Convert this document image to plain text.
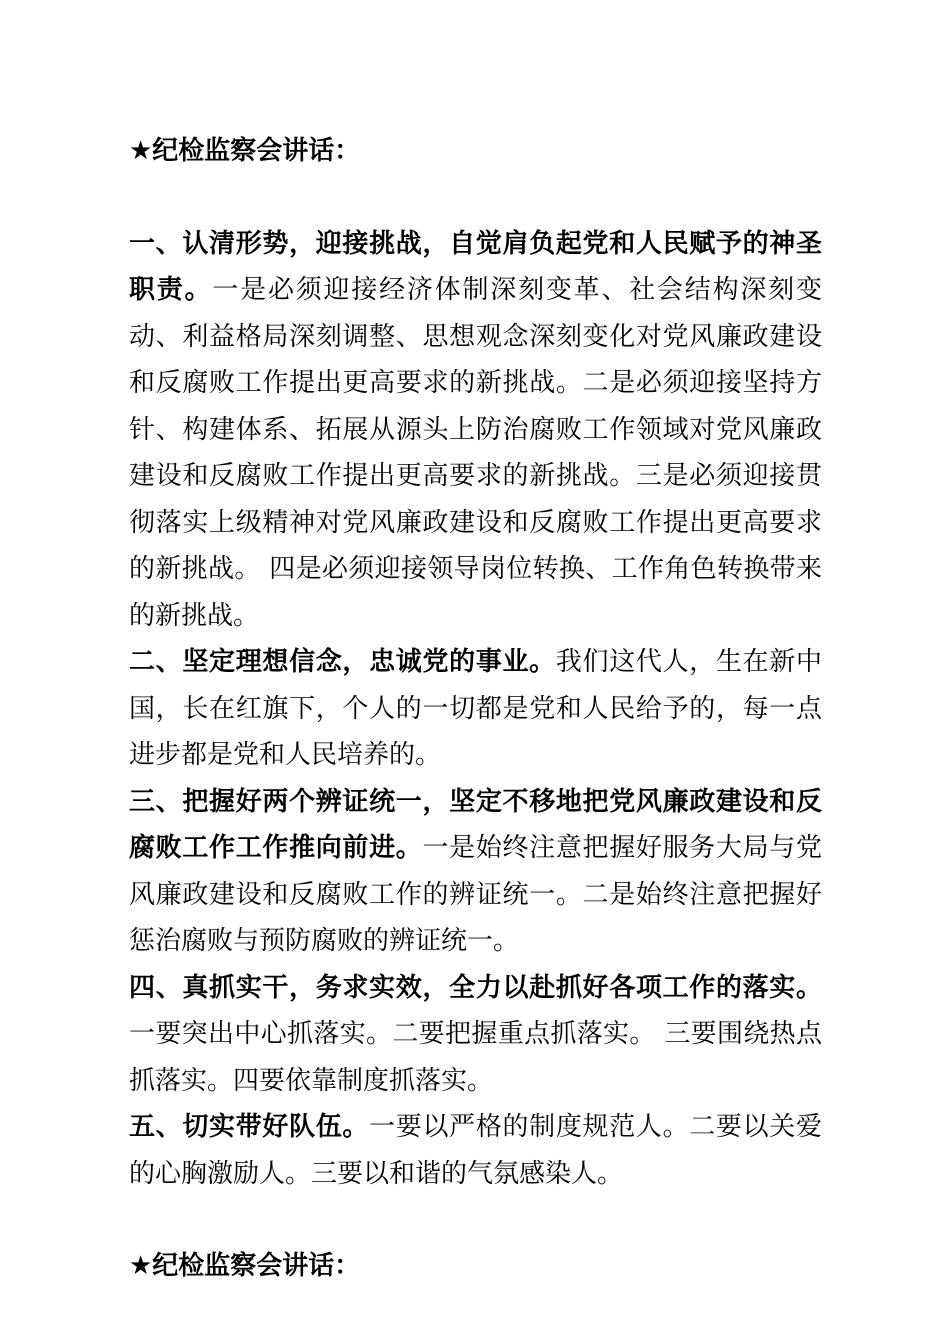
★纪检监察会讲话：

一、认清形势，迎接挑战，自觉肩负起党和人民赋予的神圣职责。一是必须迎接经济体制深刻变革、社会结构深刻变动、利益格局深刻调整、思想观念深刻变化对党风廉政建设和反腐败工作提出更高要求的新挑战。二是必须迎接坚持方针、构建体系、拓展从源头上防治腐败工作领域对党风廉政建设和反腐败工作提出更高要求的新挑战。三是必须迎接贯彻落实上级精神对党风廉政建设和反腐败工作提出更高要求的新挑战。 四是必须迎接领导岗位转换、工作角色转换带来的新挑战。

二、坚定理想信念，忠诚党的事业。我们这代人，生在新中国，长在红旗下，个人的一切都是党和人民给予的，每一点进步都是党和人民培养的。

三、把握好两个辨证统一，坚定不移地把党风廉政建设和反腐败工作工作推向前进。一是始终注意把握好服务大局与党风廉政建设和反腐败工作的辨证统一。二是始终注意把握好惩治腐败与预防腐败的辨证统一。

四、真抓实干，务求实效，全力以赴抓好各项工作的落实。一要突出中心抓落实。二要把握重点抓落实。 三要围绕热点抓落实。四要依靠制度抓落实。

五、切实带好队伍。一要以严格的制度规范人。二要以关爱的心胸激励人。三要以和谐的气氛感染人。

★纪检监察会讲话：
